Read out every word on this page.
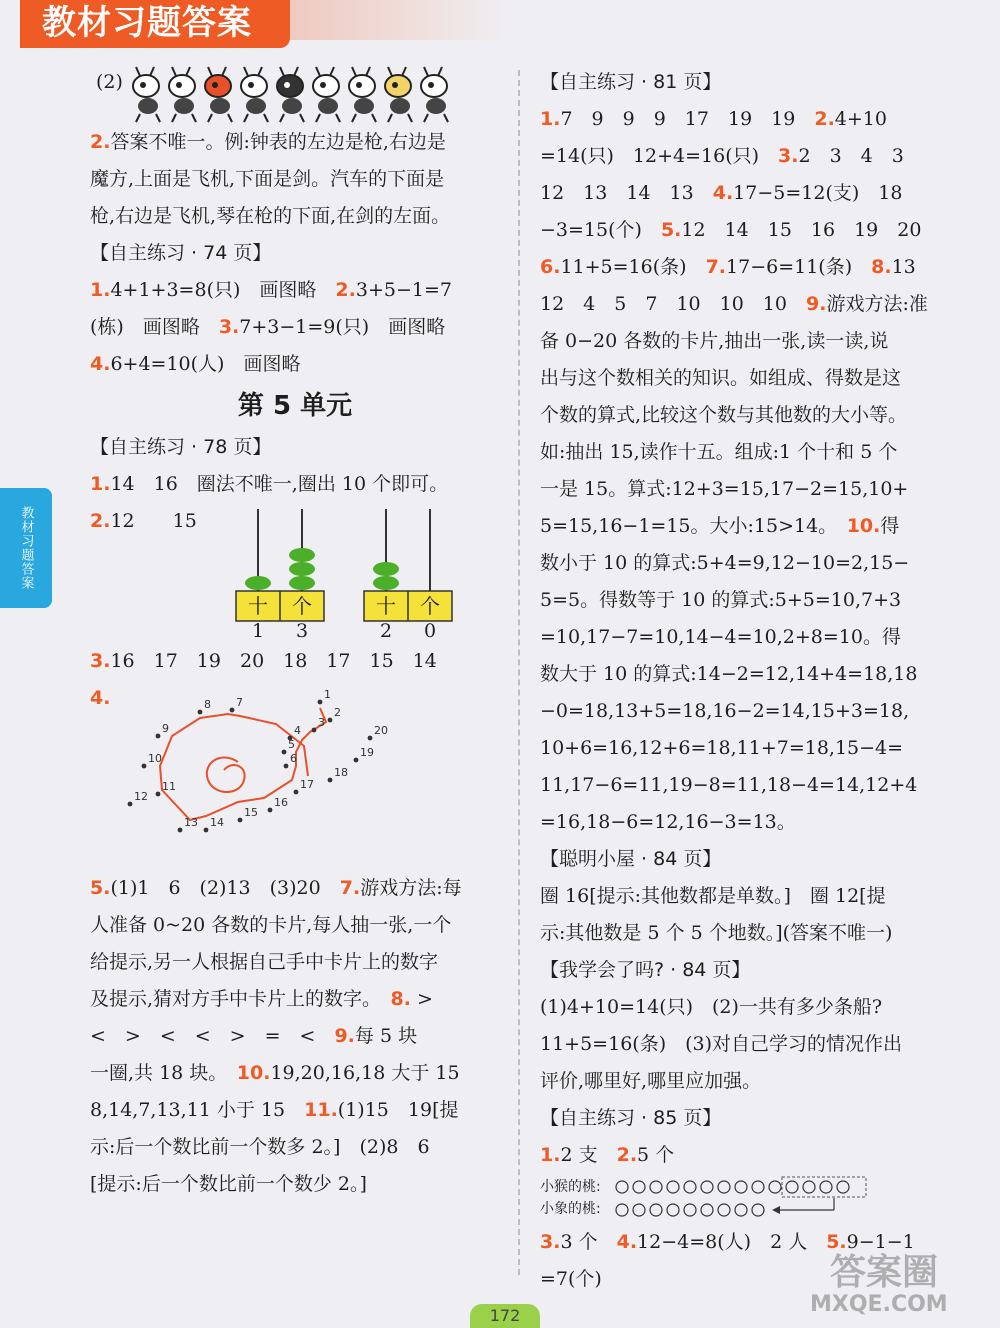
教材习题答案
教材习题答案
(2)
2.答案不唯一。例:钟表的左边是枪,右边是
魔方,上面是飞机,下面是剑。汽车的下面是
枪,右边是飞机,琴在枪的下面,在剑的左面。
【自主练习 · 74 页】
1.4+1+3=8(只)　画图略　2.3+5−1=7
(栋)　画图略　3.7+3−1=9(只)　画图略
4.6+4=10(人)　画图略
第 5 单元
【自主练习 · 78 页】
1.14　16　圈法不唯一,圈出 10 个即可。
2.12　　15
十 个	十 个
1 3	2 0
3.16　17　19　20　18　17　15　14
4.	1
2
3
4
5
6
7
8
9
10
11
12
13 14
15
16
17
18
19
20
5.(1)1　6　(2)13　(3)20　7.游戏方法:每
人准备 0~20 各数的卡片,每人抽一张,一个
给提示,另一人根据自己手中卡片上的数字
及提示,猜对方手中卡片上的数字。　8. >
<　>　<　<　>　=　<　9.每 5 块
一圈,共 18 块。　10.19,20,16,18 大于 15
8,14,7,13,11 小于 15　11.(1)15　19[提
示:后一个数比前一个数多 2。]　(2)8　6
[提示:后一个数比前一个数少 2。]
【自主练习 · 81 页】
1.7　9　9　9　17　19　19　2.4+10
=14(只)　12+4=16(只)　3.2　3　4　3
12　13　14　13　4.17−5=12(支)　18
−3=15(个)　5.12　14　15　16　19　20
6.11+5=16(条)　7.17−6=11(条)　8.13
12　4　5　7　10　10　10　9.游戏方法:准
备 0−20 各数的卡片,抽出一张,读一读,说
出与这个数相关的知识。如组成、得数是这
个数的算式,比较这个数与其他数的大小等。
如:抽出 15,读作十五。组成:1 个十和 5 个
一是 15。算式:12+3=15,17−2=15,10+
5=15,16−1=15。大小:15>14。　10.得
数小于 10 的算式:5+4=9,12−10=2,15−
5=5。得数等于 10 的算式:5+5=10,7+3
=10,17−7=10,14−4=10,2+8=10。得
数大于 10 的算式:14−2=12,14+4=18,18
−0=18,13+5=18,16−2=14,15+3=18,
10+6=16,12+6=18,11+7=18,15−4=
11,17−6=11,19−8=11,18−4=14,12+4
=16,18−6=12,16−3=13。
【聪明小屋 · 84 页】
圈 16[提示:其他数都是单数。]　圈 12[提
示:其他数是 5 个 5 个地数。](答案不唯一)
【我学会了吗? · 84 页】
(1)4+10=14(只)　(2)一共有多少条船?
11+5=16(条)　(3)对自己学习的情况作出
评价,哪里好,哪里应加强。
【自主练习 · 85 页】
1.2 支　2.5 个
小猴的桃:
小象的桃:
3.3 个　4.12−4=8(人)　2 人　5.9−1−1
=7(个)
172
答案圈
MXQE.COM
